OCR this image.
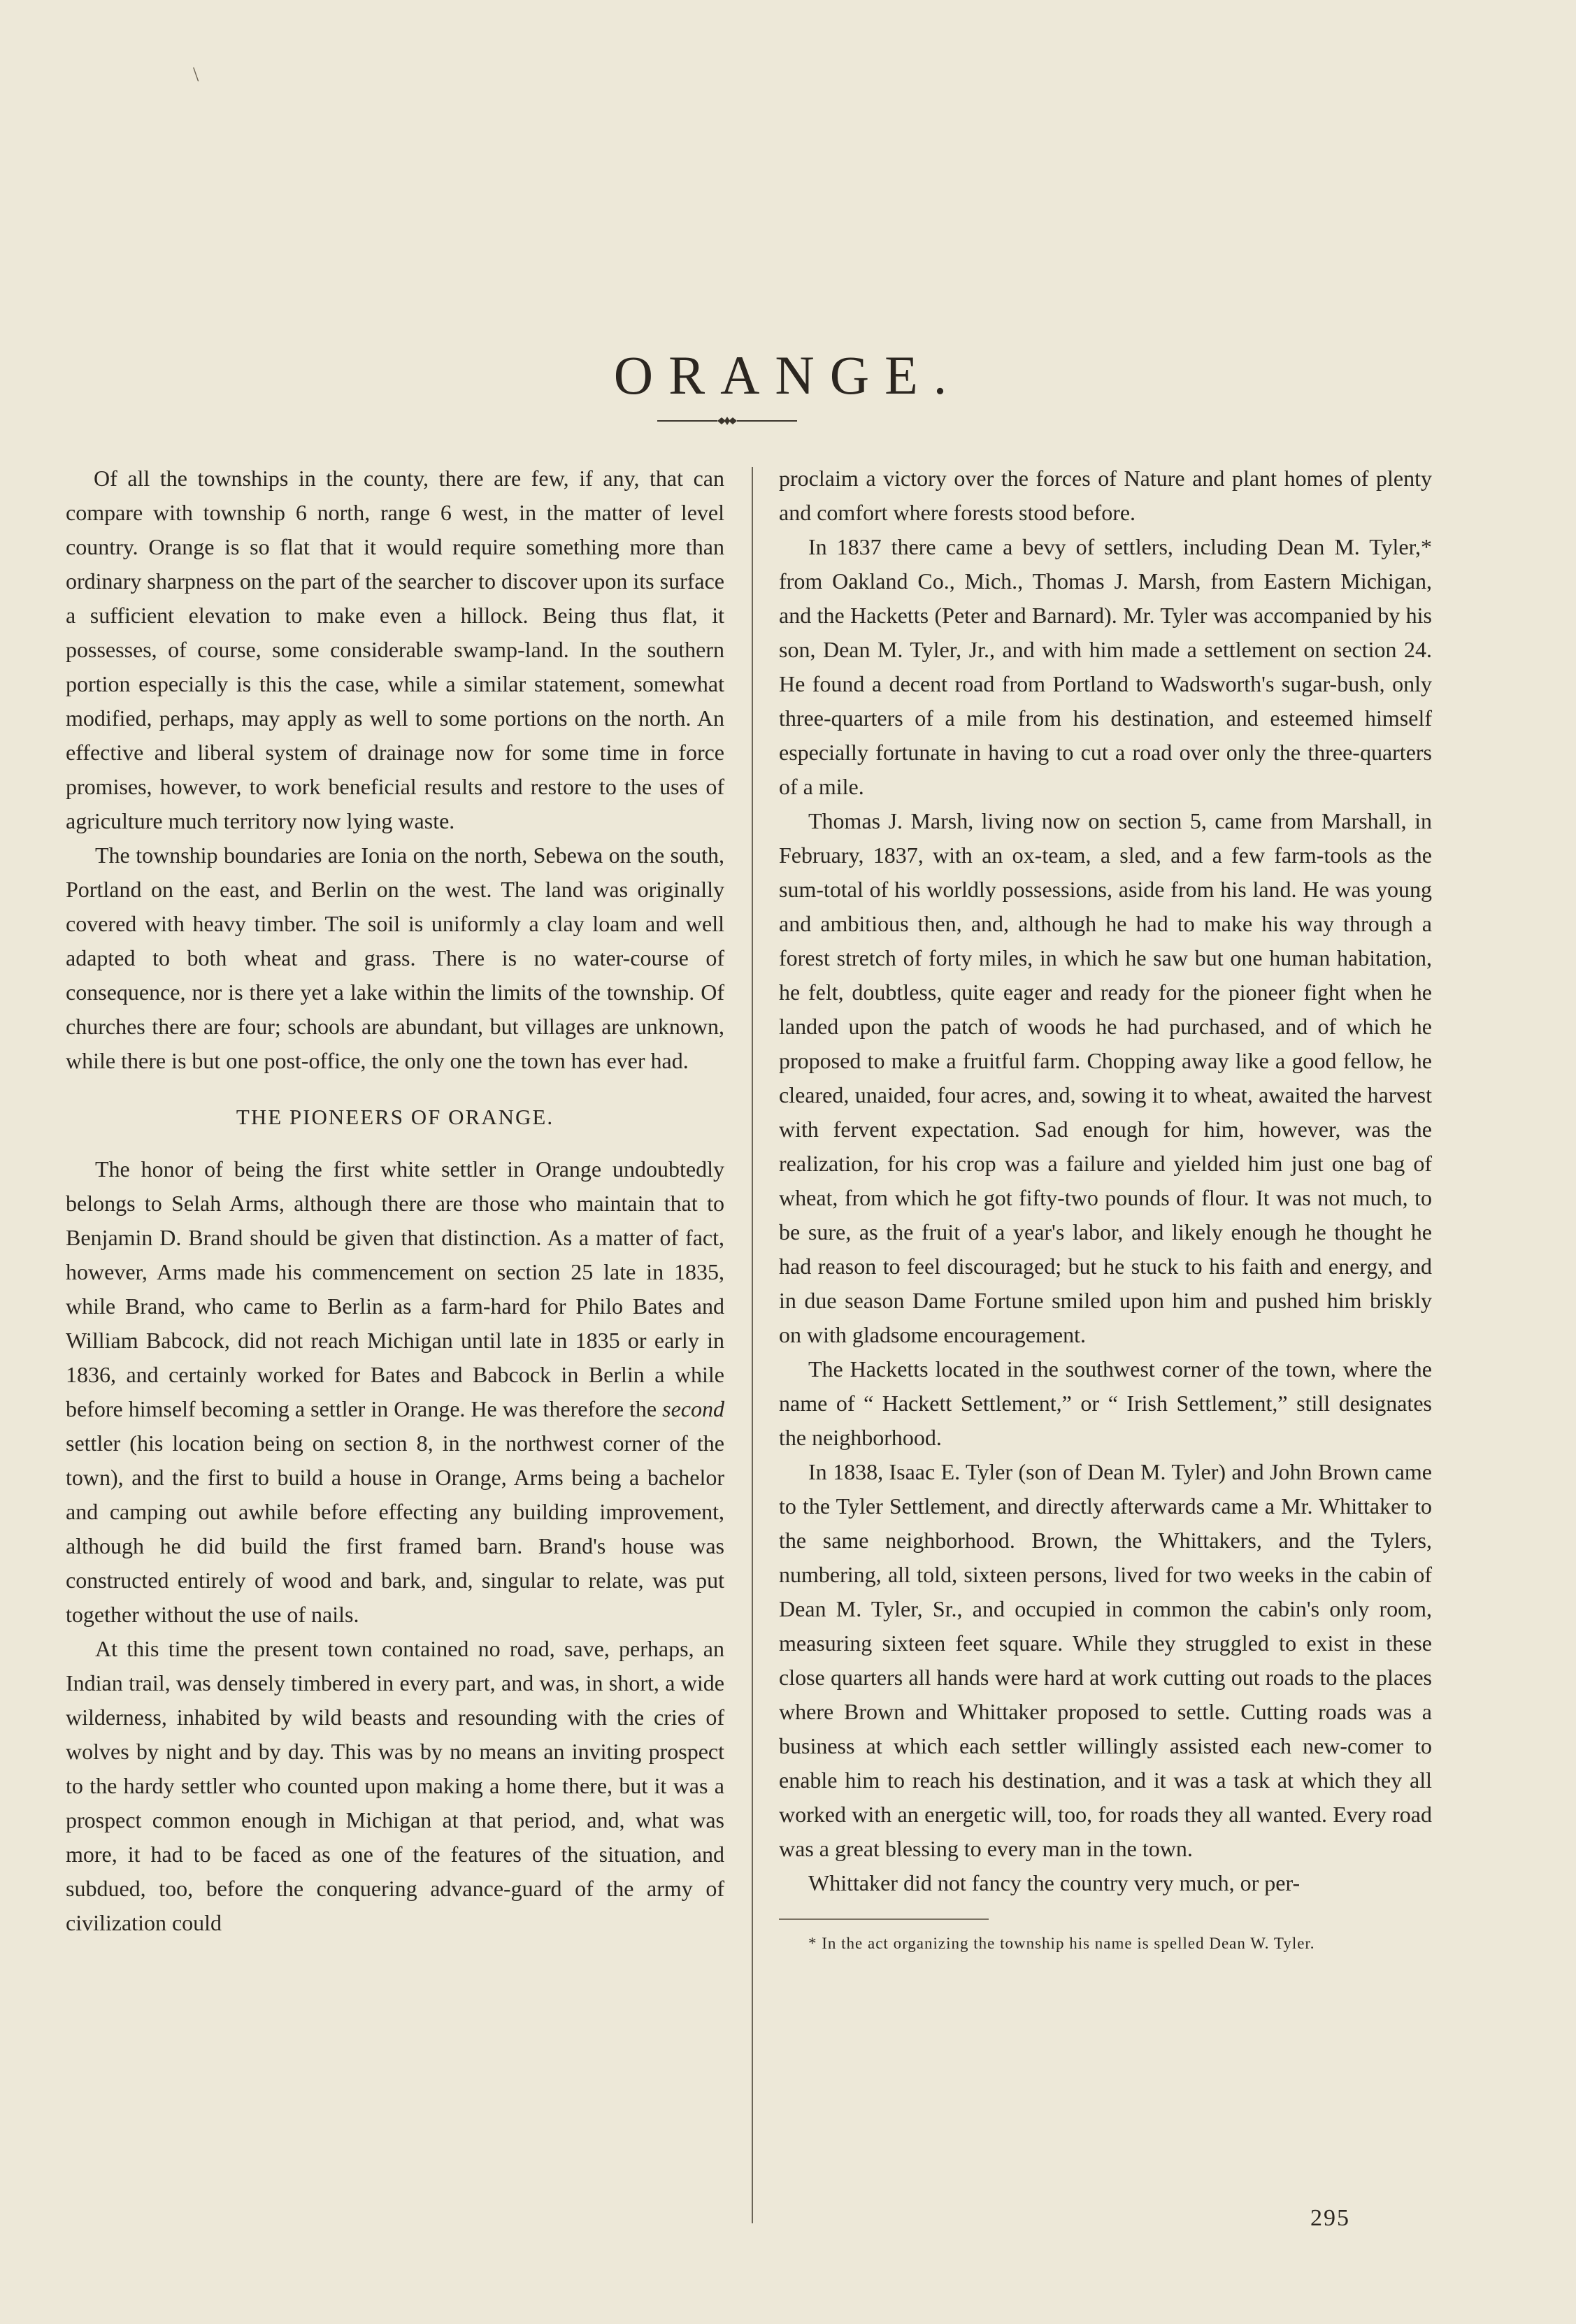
\
ORANGE.

Of all the townships in the county, there are few, if any, that can compare with township 6 north, range 6 west, in the matter of level country. Orange is so flat that it would require something more than ordinary sharpness on the part of the searcher to discover upon its surface a sufficient elevation to make even a hillock. Being thus flat, it possesses, of course, some considerable swamp-land. In the southern portion especially is this the case, while a similar statement, somewhat modified, perhaps, may apply as well to some portions on the north. An effective and liberal system of drainage now for some time in force promises, however, to work beneficial results and restore to the uses of agriculture much territory now lying waste.

The township boundaries are Ionia on the north, Sebewa on the south, Portland on the east, and Berlin on the west. The land was originally covered with heavy timber. The soil is uniformly a clay loam and well adapted to both wheat and grass. There is no water-course of consequence, nor is there yet a lake within the limits of the township. Of churches there are four; schools are abundant, but villages are unknown, while there is but one post-office, the only one the town has ever had.

THE PIONEERS OF ORANGE.

The honor of being the first white settler in Orange undoubtedly belongs to Selah Arms, although there are those who maintain that to Benjamin D. Brand should be given that distinction. As a matter of fact, however, Arms made his commencement on section 25 late in 1835, while Brand, who came to Berlin as a farm-hard for Philo Bates and William Babcock, did not reach Michigan until late in 1835 or early in 1836, and certainly worked for Bates and Babcock in Berlin a while before himself becoming a settler in Orange. He was therefore the second settler (his location being on section 8, in the northwest corner of the town), and the first to build a house in Orange, Arms being a bachelor and camping out awhile before effecting any building improvement, although he did build the first framed barn. Brand's house was constructed entirely of wood and bark, and, singular to relate, was put together without the use of nails.

At this time the present town contained no road, save, perhaps, an Indian trail, was densely timbered in every part, and was, in short, a wide wilderness, inhabited by wild beasts and resounding with the cries of wolves by night and by day. This was by no means an inviting prospect to the hardy settler who counted upon making a home there, but it was a prospect common enough in Michigan at that period, and, what was more, it had to be faced as one of the features of the situation, and subdued, too, before the conquering advance-guard of the army of civilization could

proclaim a victory over the forces of Nature and plant homes of plenty and comfort where forests stood before.

In 1837 there came a bevy of settlers, including Dean M. Tyler,* from Oakland Co., Mich., Thomas J. Marsh, from Eastern Michigan, and the Hacketts (Peter and Barnard). Mr. Tyler was accompanied by his son, Dean M. Tyler, Jr., and with him made a settlement on section 24. He found a decent road from Portland to Wadsworth's sugar-bush, only three-quarters of a mile from his destination, and esteemed himself especially fortunate in having to cut a road over only the three-quarters of a mile.

Thomas J. Marsh, living now on section 5, came from Marshall, in February, 1837, with an ox-team, a sled, and a few farm-tools as the sum-total of his worldly possessions, aside from his land. He was young and ambitious then, and, although he had to make his way through a forest stretch of forty miles, in which he saw but one human habitation, he felt, doubtless, quite eager and ready for the pioneer fight when he landed upon the patch of woods he had purchased, and of which he proposed to make a fruitful farm. Chopping away like a good fellow, he cleared, unaided, four acres, and, sowing it to wheat, awaited the harvest with fervent expectation. Sad enough for him, however, was the realization, for his crop was a failure and yielded him just one bag of wheat, from which he got fifty-two pounds of flour. It was not much, to be sure, as the fruit of a year's labor, and likely enough he thought he had reason to feel discouraged; but he stuck to his faith and energy, and in due season Dame Fortune smiled upon him and pushed him briskly on with gladsome encouragement.

The Hacketts located in the southwest corner of the town, where the name of “ Hackett Settlement,” or “ Irish Settlement,” still designates the neighborhood.

In 1838, Isaac E. Tyler (son of Dean M. Tyler) and John Brown came to the Tyler Settlement, and directly afterwards came a Mr. Whittaker to the same neighborhood. Brown, the Whittakers, and the Tylers, numbering, all told, sixteen persons, lived for two weeks in the cabin of Dean M. Tyler, Sr., and occupied in common the cabin's only room, measuring sixteen feet square. While they struggled to exist in these close quarters all hands were hard at work cutting out roads to the places where Brown and Whittaker proposed to settle. Cutting roads was a business at which each settler willingly assisted each new-comer to enable him to reach his destination, and it was a task at which they all worked with an energetic will, too, for roads they all wanted. Every road was a great blessing to every man in the town.

Whittaker did not fancy the country very much, or per-

* In the act organizing the township his name is spelled Dean W. Tyler.

295
